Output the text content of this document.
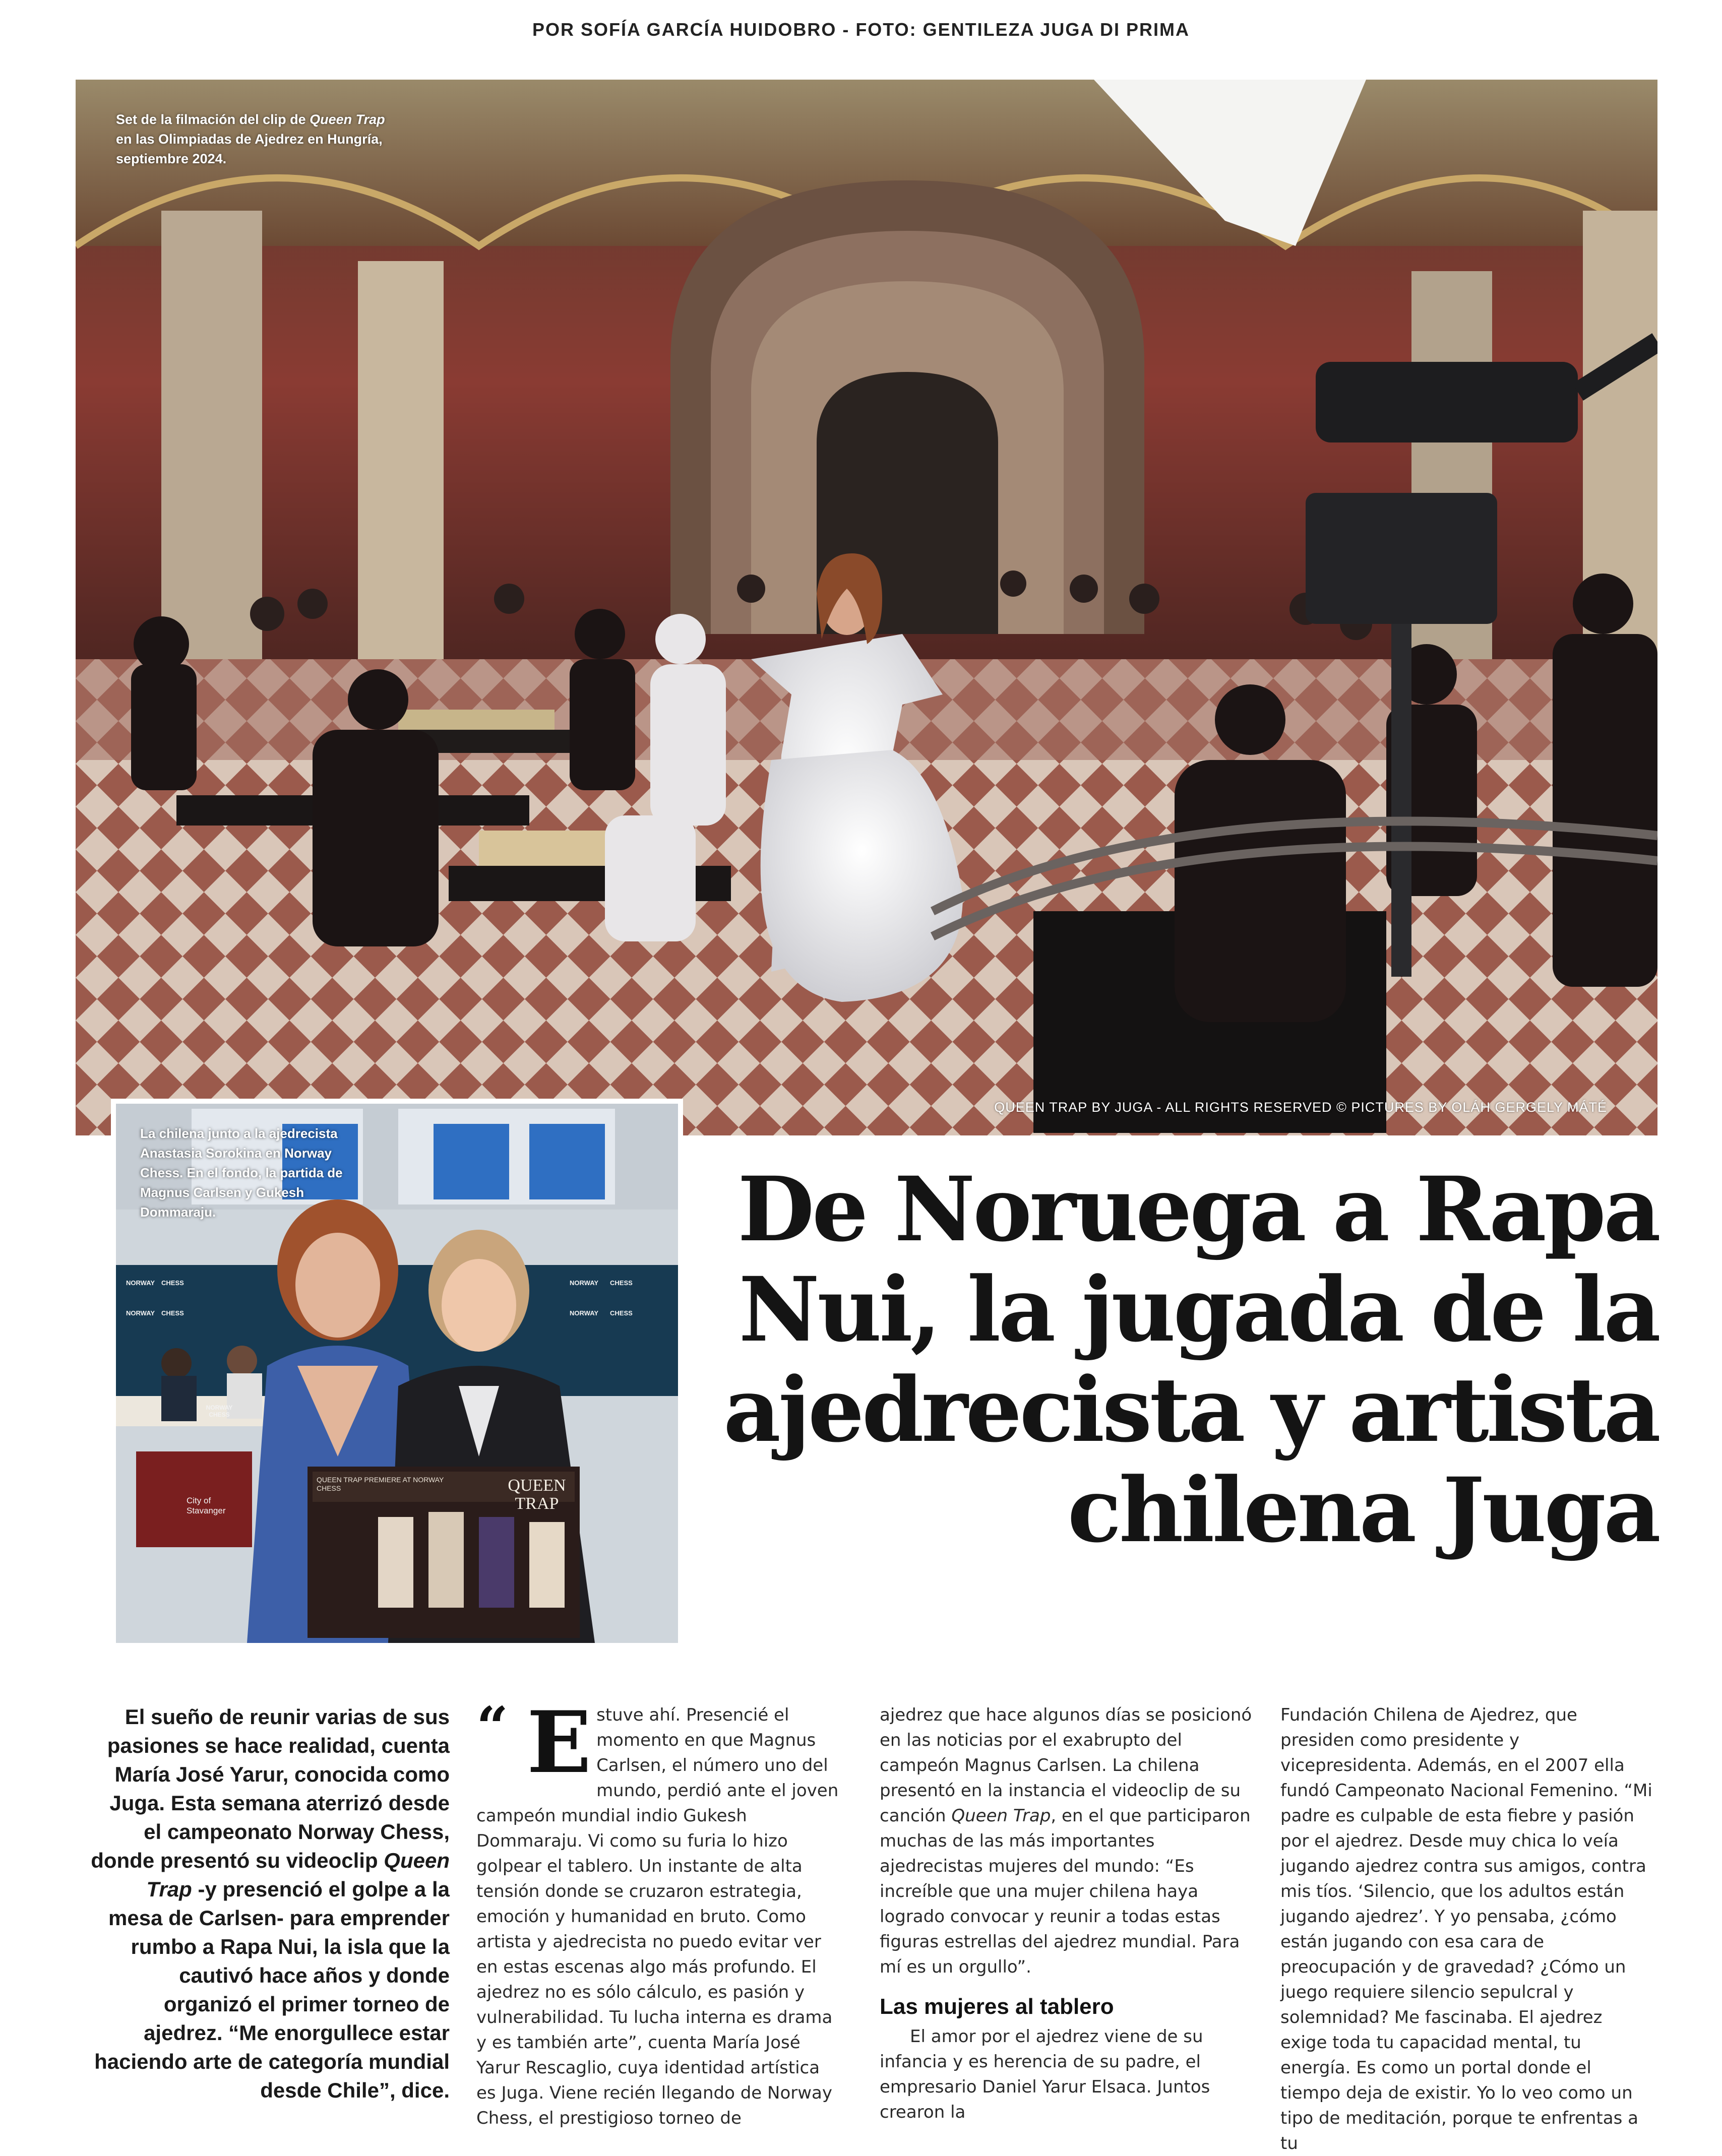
POR SOFÍA GARCÍA HUIDOBRO - FOTO: GENTILEZA JUGA DI PRIMA
Set de la filmación del clip de Queen Trap en las Olimpiadas de Ajedrez en Hungría, septiembre 2024.
QUEEN TRAP BY JUGA - ALL RIGHTS RESERVED © PICTURES BY OLÁH GERGELY MÁTÉ
NORWAY CHESS
NORWAY CHESS
NORWAY CHESS
NORWAY CHESS
La chilena junto a la ajedrecista Anastasia Sorokina en Norway Chess. En el fondo, la partida de Magnus Carlsen y Gukesh Dommaraju.
NORWAY CHESS
City of Stavanger
QUEEN TRAP PREMIERE AT NORWAY CHESS	QUEEN TRAP
De Noruega a Rapa Nui, la jugada de la ajedrecista y artista chilena Juga

El sueño de reunir varias de sus pasiones se hace realidad, cuenta María José Yarur, conocida como Juga. Esta semana aterrizó desde el campeonato Norway Chess, donde presentó su videoclip Queen Trap -y presenció el golpe a la mesa de Carlsen- para emprender rumbo a Rapa Nui, la isla que la cautivó hace años y donde organizó el primer torneo de ajedrez. “Me enorgullece estar haciendo arte de categoría mundial desde Chile”, dice.

“ E stuve ahí. Presencié el momento en que Magnus Carlsen, el número uno del mundo, perdió ante el joven campeón mundial indio Gukesh Dommaraju. Vi como su furia lo hizo golpear el tablero. Un instante de alta tensión donde se cruzaron estrategia, emoción y humanidad en bruto. Como artista y ajedrecista no puedo evitar ver en estas escenas algo más profundo. El ajedrez no es sólo cálculo, es pasión y vulnerabilidad. Tu lucha interna es drama y es también arte”, cuenta María José Yarur Rescaglio, cuya identidad artística es Juga. Viene recién llegando de Norway Chess, el prestigioso torneo de

ajedrez que hace algunos días se posicionó en las noticias por el exabrupto del campeón Magnus Carlsen. La chilena presentó en la instancia el videoclip de su canción Queen Trap, en el que participaron muchas de las más importantes ajedrecistas mujeres del mundo: “Es increíble que una mujer chilena haya logrado convocar y reunir a todas estas figuras estrellas del ajedrez mundial. Para mí es un orgullo”.

Las mujeres al tablero

El amor por el ajedrez viene de su infancia y es herencia de su padre, el empresario Daniel Yarur Elsaca. Juntos crearon la

Fundación Chilena de Ajedrez, que presiden como presidente y vicepresidenta. Además, en el 2007 ella fundó Campeonato Nacional Femenino. “Mi padre es culpable de esta fiebre y pasión por el ajedrez. Desde muy chica lo veía jugando ajedrez contra sus amigos, contra mis tíos. ‘Silencio, que los adultos están jugando ajedrez’. Y yo pensaba, ¿cómo están jugando con esa cara de preocupación y de gravedad? ¿Cómo un juego requiere silencio sepulcral y solemnidad? Me fascinaba. El ajedrez exige toda tu capacidad mental, tu energía. Es como un portal donde el tiempo deja de existir. Yo lo veo como un tipo de meditación, porque te enfrentas a tu
